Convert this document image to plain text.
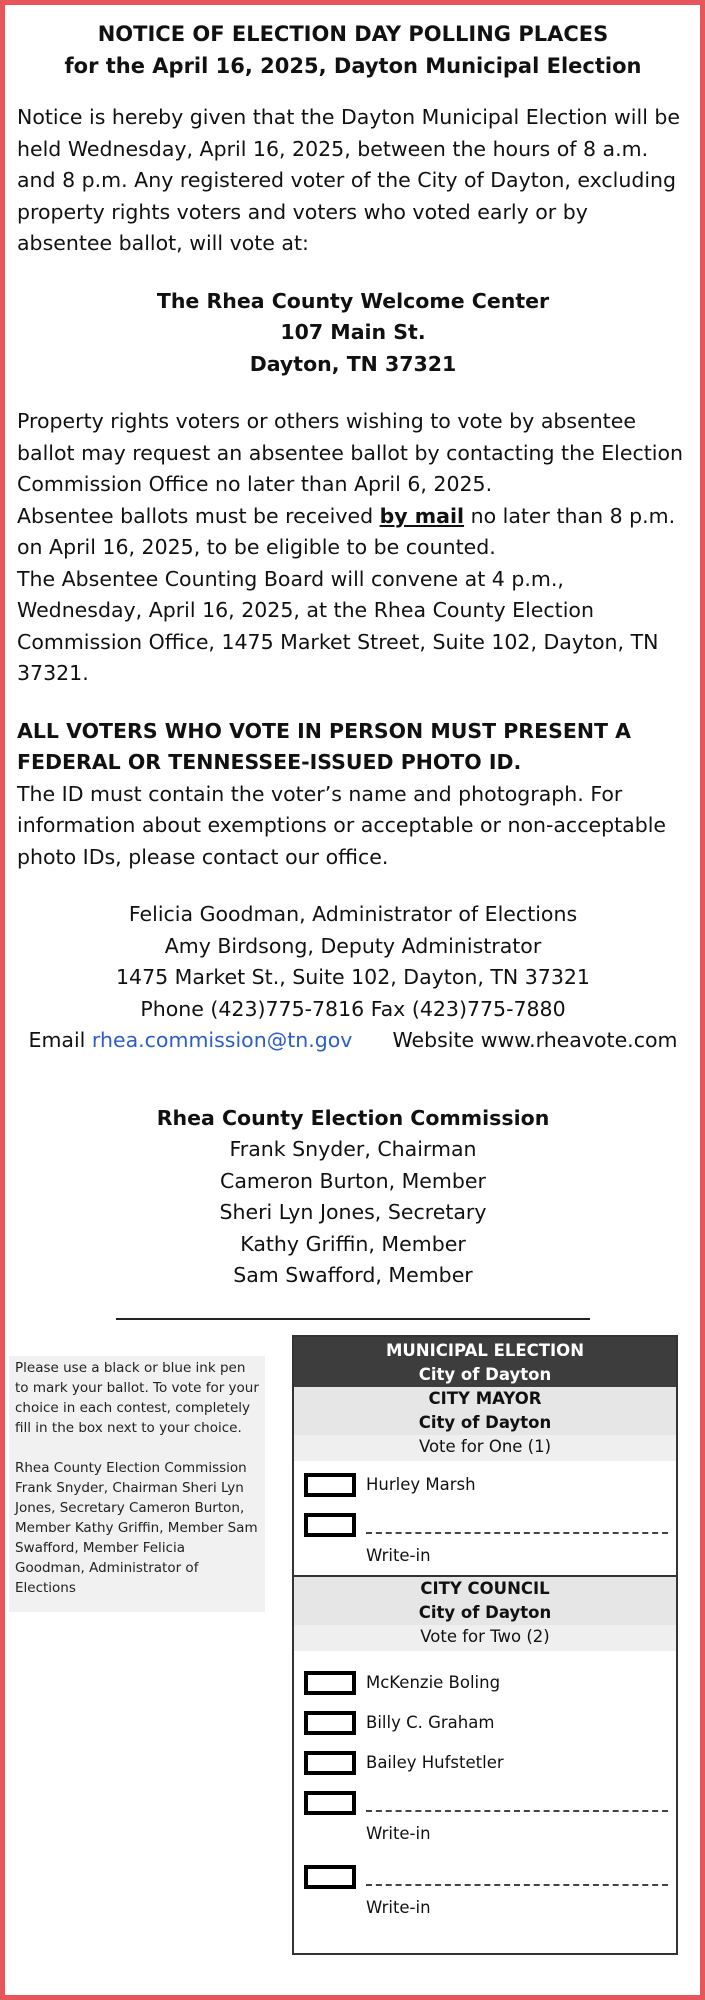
NOTICE OF ELECTION DAY POLLING PLACES
for the April 16, 2025, Dayton Municipal Election

Notice is hereby given that the Dayton Municipal Election will be held Wednesday, April 16, 2025, between the hours of 8 a.m. and 8 p.m. Any registered voter of the City of Dayton, excluding property rights voters and voters who voted early or by absentee ballot, will vote at:

The Rhea County Welcome Center
107 Main St.
Dayton, TN 37321

Property rights voters or others wishing to vote by absentee ballot may request an absentee ballot by contacting the Election Commission Office no later than April 6, 2025.

Absentee ballots must be received by mail no later than 8 p.m. on April 16, 2025, to be eligible to be counted.

The Absentee Counting Board will convene at 4 p.m., Wednesday, April 16, 2025, at the Rhea County Election Commission Office, 1475 Market Street, Suite 102, Dayton, TN 37321.

ALL VOTERS WHO VOTE IN PERSON MUST PRESENT A FEDERAL OR TENNESSEE-ISSUED PHOTO ID.

The ID must contain the voter’s name and photograph. For information about exemptions or acceptable or non-acceptable photo IDs, please contact our office.

Felicia Goodman, Administrator of Elections
Amy Birdsong, Deputy Administrator
1475 Market St., Suite 102, Dayton, TN 37321
Phone (423)775-7816 Fax (423)775-7880
Email rhea.commission@tn.gov Website www.rheavote.com
Rhea County Election Commission
Frank Snyder, Chairman
Cameron Burton, Member
Sheri Lyn Jones, Secretary
Kathy Griffin, Member
Sam Swafford, Member
Please use a black or blue ink pen to mark your ballot. To vote for your choice in each contest, completely fill in the box next to your choice.
Rhea County Election Commission Frank Snyder, Chairman Sheri Lyn Jones, Secretary Cameron Burton, Member Kathy Griffin, Member Sam Swafford, Member Felicia Goodman, Administrator of Elections
MUNICIPAL ELECTION
City of Dayton
CITY MAYOR
City of Dayton
Vote for One (1)
Hurley Marsh
Write-in
CITY COUNCIL
City of Dayton
Vote for Two (2)
McKenzie Boling
Billy C. Graham
Bailey Hufstetler
Write-in
Write-in
